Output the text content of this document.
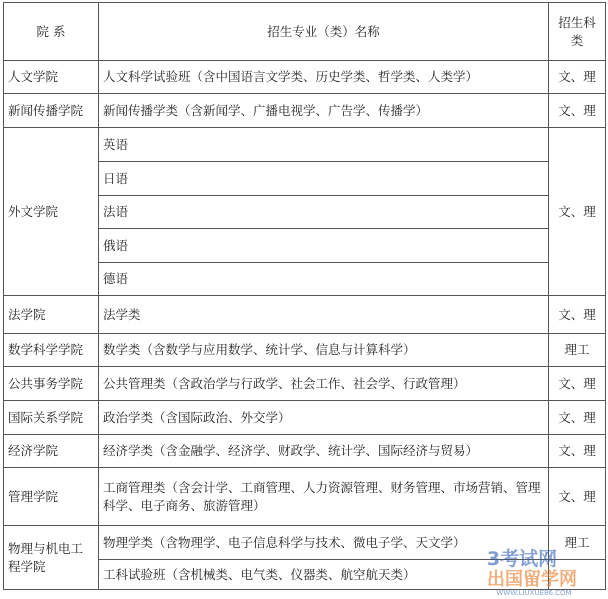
院 系	招生专业（类）名称	招生科类
人文学院	人文科学试验班（含中国语言文学类、历史学类、哲学类、人类学）	文、理
新闻传播学院	新闻传播学类（含新闻学、广播电视学、广告学、传播学）	文、理
外文学院	英语	文、理
	日语	
	法语	
	俄语	
	德语	
法学院	法学类	文、理
数学科学学院	数学类（含数学与应用数学、统计学、信息与计算科学）	理工
公共事务学院	公共管理类（含政治学与行政学、社会工作、社会学、行政管理）	文、理
国际关系学院	政治学类（含国际政治、外交学）	文、理
经济学院	经济学类（含金融学、经济学、财政学、统计学、国际经济与贸易）	文、理
管理学院	工商管理类（含会计学、工商管理、人力资源管理、财务管理、市场营销、管理科学、电子商务、旅游管理）	文、理
物理与机电工程学院	物理学类（含物理学、电子信息科学与技术、微电子学、天文学）	理工
	工科试验班（含机械类、电气类、仪器类、航空航天类）	
3考试网
出国留学网
WWW.LIUXUE86.COM
